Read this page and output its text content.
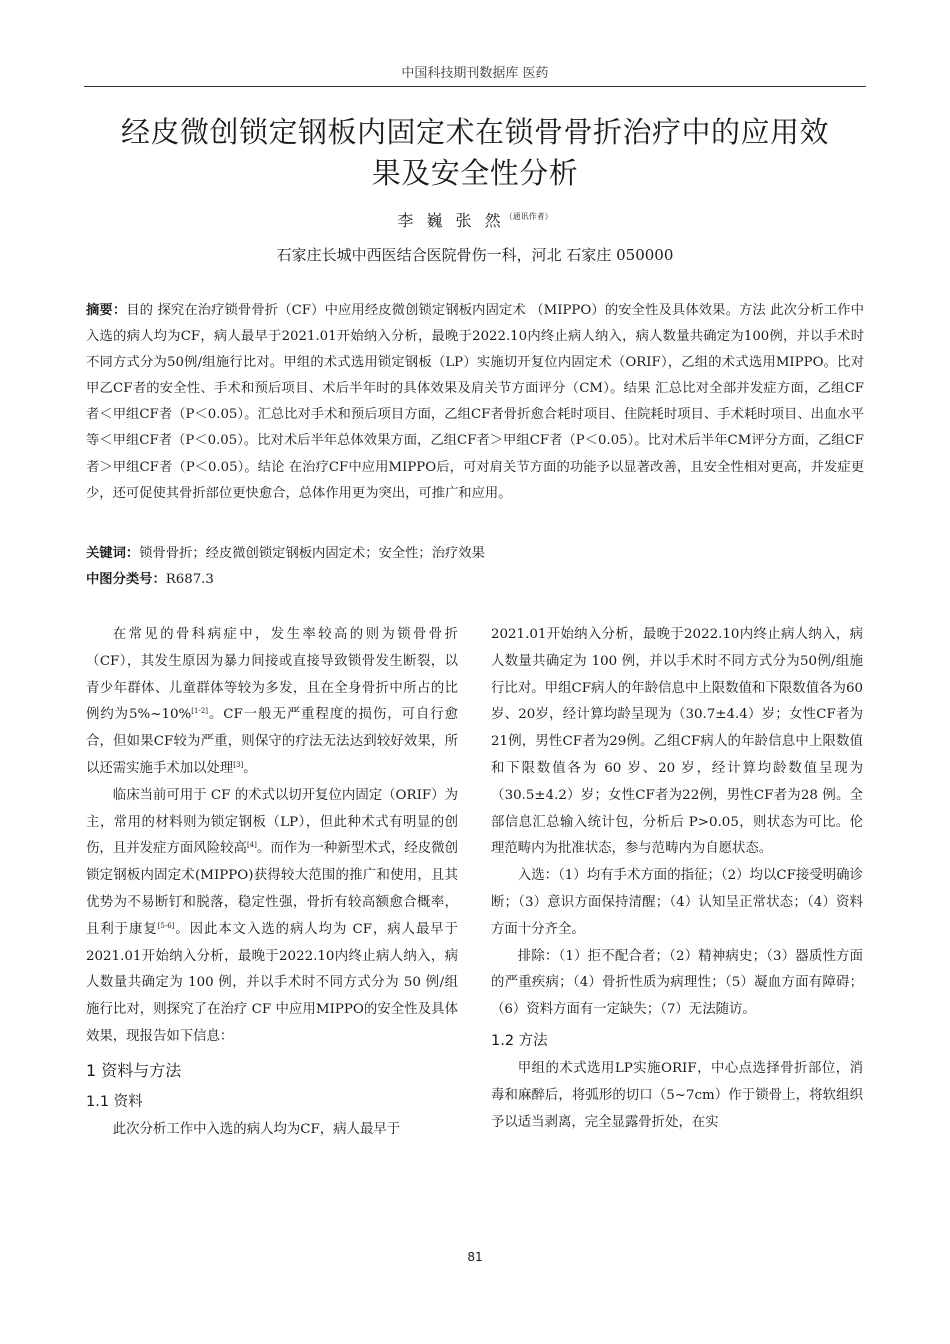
中国科技期刊数据库 医药
经皮微创锁定钢板内固定术在锁骨骨折治疗中的应用效
果及安全性分析
李 巍 张 然$^{(通讯作者)}$
石家庄长城中西医结合医院骨伤一科，河北 石家庄 050000

摘要：目的 探究在治疗锁骨骨折（CF）中应用经皮微创锁定钢板内固定术 （MIPPO）的安全性及具体效果。方法 此次分析工作中入选的病人均为CF，病人最早于2021.01开始纳入分析，最晚于2022.10内终止病人纳入，病人数量共确定为100例，并以手术时不同方式分为50例/组施行比对。甲组的术式选用锁定钢板（LP）实施切开复位内固定术（ORIF），乙组的术式选用MIPPO。比对甲乙CF者的安全性、手术和预后项目、术后半年时的具体效果及肩关节方面评分（CM）。结果 汇总比对全部并发症方面，乙组CF者＜甲组CF者（P＜0.05）。汇总比对手术和预后项目方面，乙组CF者骨折愈合耗时项目、住院耗时项目、手术耗时项目、出血水平等＜甲组CF者（P＜0.05）。比对术后半年总体效果方面，乙组CF者＞甲组CF者（P＜0.05）。比对术后半年CM评分方面，乙组CF者＞甲组CF者（P＜0.05）。结论 在治疗CF中应用MIPPO后，可对肩关节方面的功能予以显著改善，且安全性相对更高，并发症更少，还可促使其骨折部位更快愈合，总体作用更为突出，可推广和应用。

关键词：锁骨骨折；经皮微创锁定钢板内固定术；安全性；治疗效果

中图分类号：R687.3

在常见的骨科病症中，发生率较高的则为锁骨骨折（CF），其发生原因为暴力间接或直接导致锁骨发生断裂，以青少年群体、儿童群体等较为多发，且在全身骨折中所占的比例约为5%~10%[1-2]。CF一般无严重程度的损伤，可自行愈合，但如果CF较为严重，则保守的疗法无法达到较好效果，所以还需实施手术加以处理[3]。

临床当前可用于 CF 的术式以切开复位内固定（ORIF）为主，常用的材料则为锁定钢板（LP），但此种术式有明显的创伤，且并发症方面风险较高[4]。而作为一种新型术式，经皮微创锁定钢板内固定术(MIPPO)获得较大范围的推广和使用，且其优势为不易断钉和脱落，稳定性强，骨折有较高额愈合概率，且利于康复[5-6]。因此本文入选的病人均为 CF，病人最早于2021.01开始纳入分析，最晚于2022.10内终止病人纳入，病人数量共确定为 100 例，并以手术时不同方式分为 50 例/组施行比对，则探究了在治疗 CF 中应用MIPPO的安全性及具体效果，现报告如下信息：

1 资料与方法
1.1 资料

此次分析工作中入选的病人均为CF，病人最早于

2021.01开始纳入分析，最晚于2022.10内终止病人纳入，病人数量共确定为 100 例，并以手术时不同方式分为50例/组施行比对。甲组CF病人的年龄信息中上限数值和下限数值各为60岁、20岁，经计算均龄呈现为（30.7±4.4）岁；女性CF者为21例，男性CF者为29例。乙组CF病人的年龄信息中上限数值和下限数值各为 60 岁、20 岁，经计算均龄数值呈现为（30.5±4.2）岁；女性CF者为22例，男性CF者为28 例。全部信息汇总输入统计包，分析后 P>0.05，则状态为可比。伦理范畴内为批准状态，参与范畴内为自愿状态。

入选：（1）均有手术方面的指征；（2）均以CF接受明确诊断；（3）意识方面保持清醒；（4）认知呈正常状态；（4）资料方面十分齐全。

排除：（1）拒不配合者；（2）精神病史；（3）器质性方面的严重疾病；（4）骨折性质为病理性；（5）凝血方面有障碍；（6）资料方面有一定缺失；（7）无法随访。

1.2 方法

甲组的术式选用LP实施ORIF，中心点选择骨折部位，消毒和麻醉后，将弧形的切口（5~7cm）作于锁骨上，将软组织予以适当剥离，完全显露骨折处，在实

81
